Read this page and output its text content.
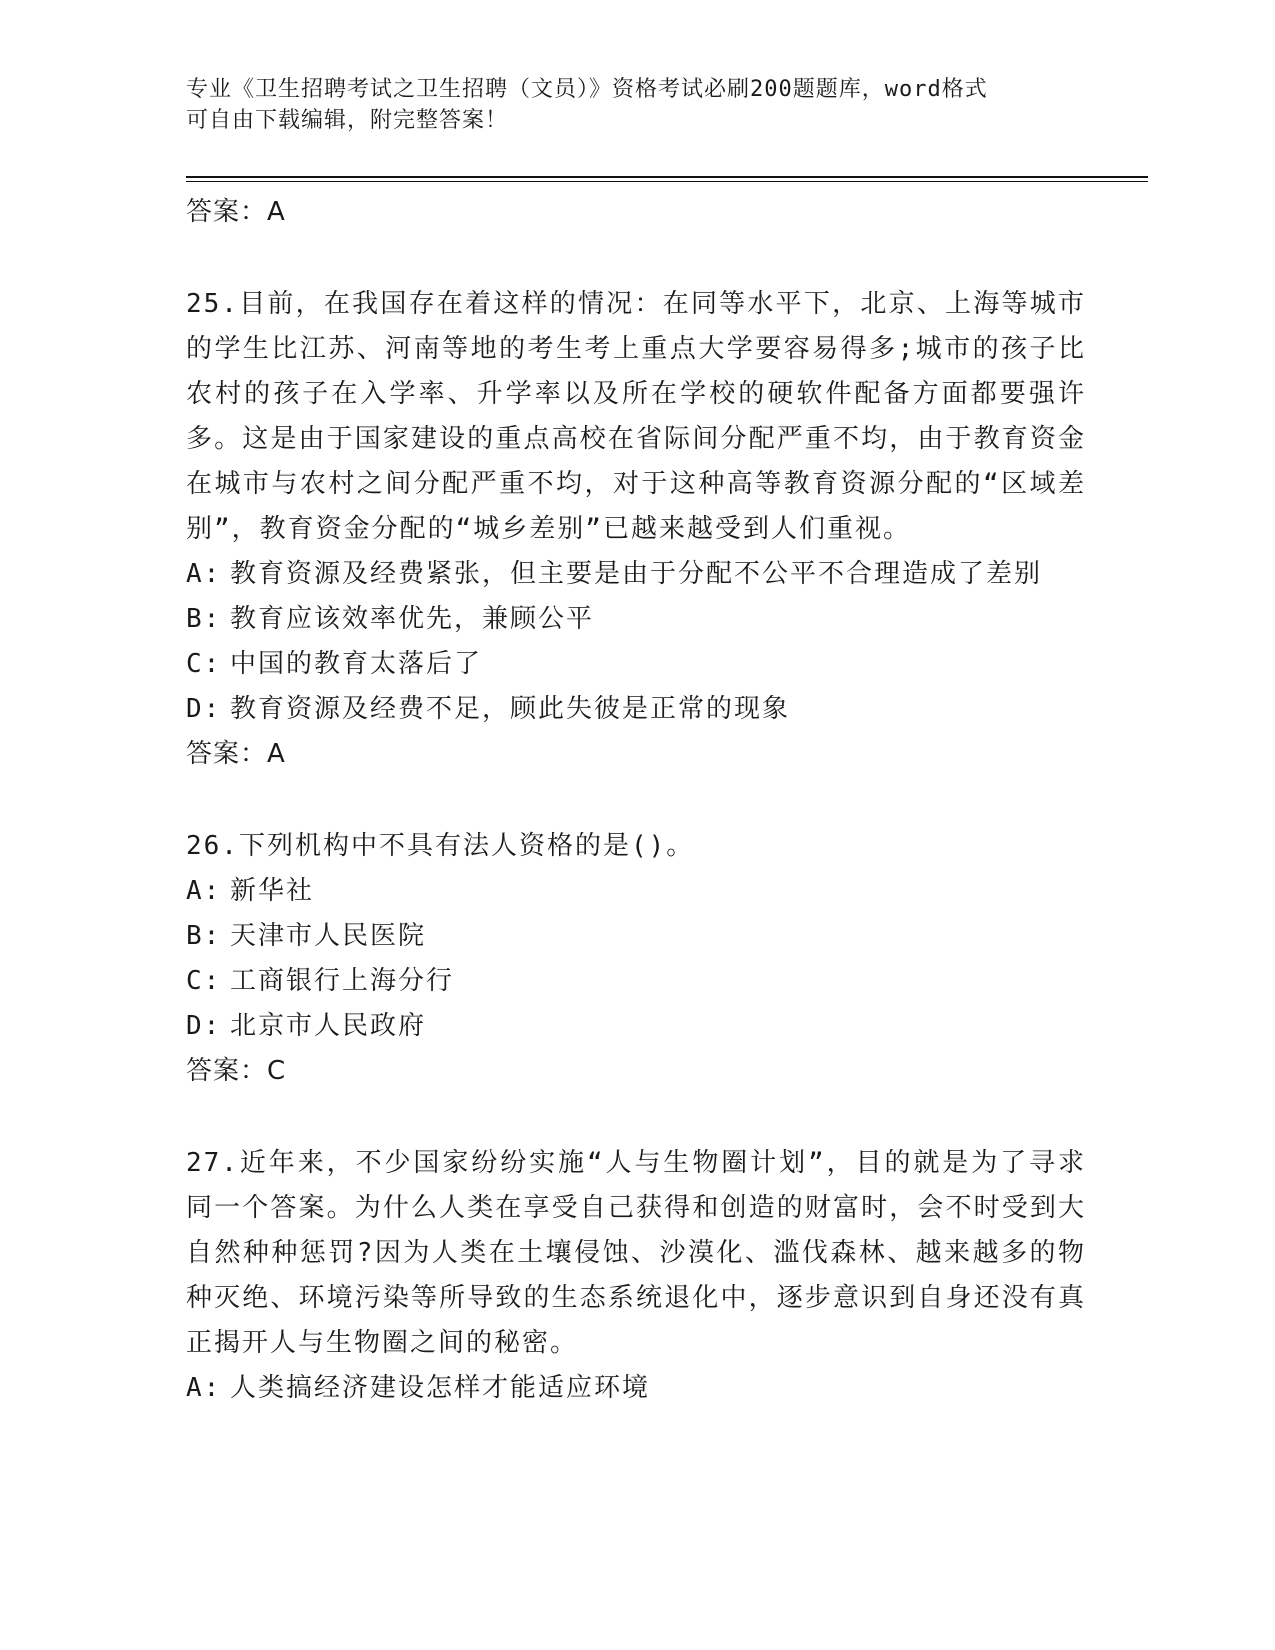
专业《卫生招聘考试之卫生招聘（文员）》资格考试必刷200题题库，word格式
可自由下载编辑，附完整答案！
答案：A
25.目前，在我国存在着这样的情况：在同等水平下，北京、上海等城市的学生比江苏、河南等地的考生考上重点大学要容易得多;城市的孩子比农村的孩子在入学率、升学率以及所在学校的硬软件配备方面都要强许多。这是由于国家建设的重点高校在省际间分配严重不均，由于教育资金在城市与农村之间分配严重不均，对于这种高等教育资源分配的“区域差别”，教育资金分配的“城乡差别”已越来越受到人们重视。
A: 教育资源及经费紧张，但主要是由于分配不公平不合理造成了差别
B: 教育应该效率优先，兼顾公平
C: 中国的教育太落后了
D: 教育资源及经费不足，顾此失彼是正常的现象
答案：A
26.下列机构中不具有法人资格的是()。
A: 新华社
B: 天津市人民医院
C: 工商银行上海分行
D: 北京市人民政府
答案：C
27.近年来，不少国家纷纷实施“人与生物圈计划”，目的就是为了寻求同一个答案。为什么人类在享受自己获得和创造的财富时，会不时受到大自然种种惩罚?因为人类在土壤侵蚀、沙漠化、滥伐森林、越来越多的物种灭绝、环境污染等所导致的生态系统退化中，逐步意识到自身还没有真正揭开人与生物圈之间的秘密。
A: 人类搞经济建设怎样才能适应环境
